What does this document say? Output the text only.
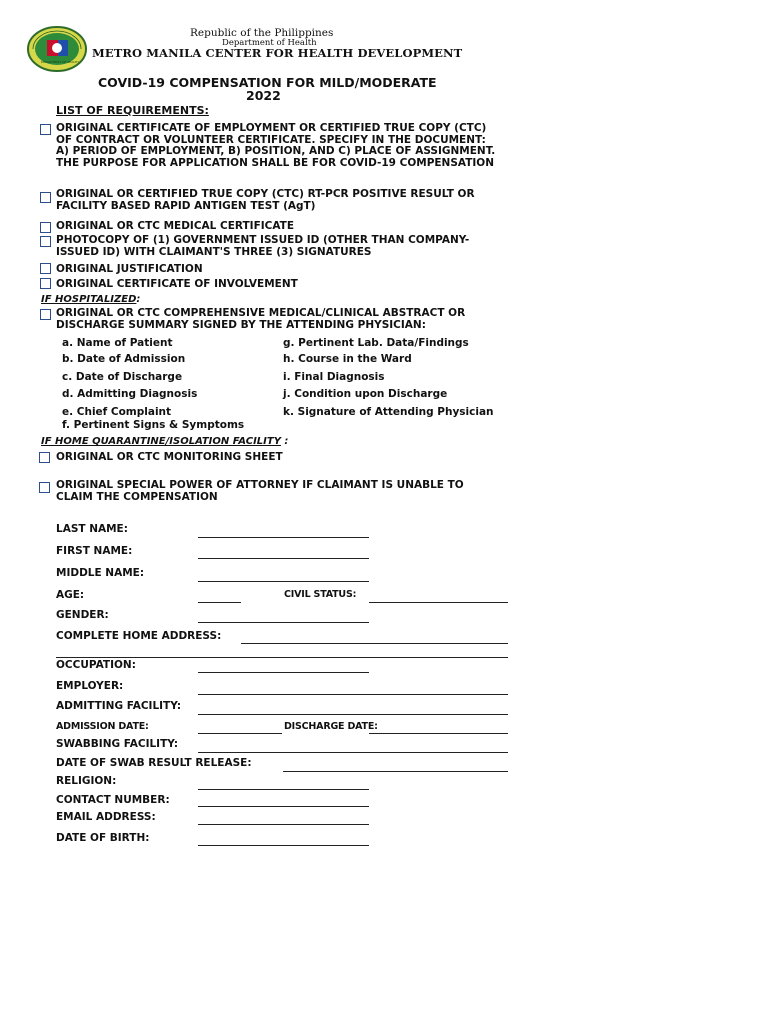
DEPARTMENT OF HEALTH
Republic of the Philippines
Department of Health
METRO MANILA CENTER FOR HEALTH DEVELOPMENT
COVID-19 COMPENSATION FOR MILD/MODERATE
2022
LIST OF REQUIREMENTS:
ORIGINAL CERTIFICATE OF EMPLOYMENT OR CERTIFIED TRUE COPY (CTC)
OF CONTRACT OR VOLUNTEER CERTIFICATE. SPECIFY IN THE DOCUMENT:
A) PERIOD OF EMPLOYMENT, B) POSITION, AND C) PLACE OF ASSIGNMENT.
THE PURPOSE FOR APPLICATION SHALL BE FOR COVID-19 COMPENSATION
ORIGINAL OR CERTIFIED TRUE COPY (CTC) RT-PCR POSITIVE RESULT OR
FACILITY BASED RAPID ANTIGEN TEST (AgT)
ORIGINAL OR CTC MEDICAL CERTIFICATE
PHOTOCOPY OF (1) GOVERNMENT ISSUED ID (OTHER THAN COMPANY-
ISSUED ID) WITH CLAIMANT'S THREE (3) SIGNATURES
ORIGINAL JUSTIFICATION
ORIGINAL CERTIFICATE OF INVOLVEMENT
IF HOSPITALIZED:
ORIGINAL OR CTC COMPREHENSIVE MEDICAL/CLINICAL ABSTRACT OR
DISCHARGE SUMMARY SIGNED BY THE ATTENDING PHYSICIAN:
a. Name of Patient
b. Date of Admission
c. Date of Discharge
d. Admitting Diagnosis
e. Chief Complaint
f. Pertinent Signs & Symptoms
g. Pertinent Lab. Data/Findings
h. Course in the Ward
i. Final Diagnosis
j. Condition upon Discharge
k. Signature of Attending Physician
IF HOME QUARANTINE/ISOLATION FACILITY :
ORIGINAL OR CTC MONITORING SHEET
ORIGINAL SPECIAL POWER OF ATTORNEY IF CLAIMANT IS UNABLE TO
CLAIM THE COMPENSATION
LAST NAME:
FIRST NAME:
MIDDLE NAME:
AGE:	CIVIL STATUS:
GENDER:
COMPLETE HOME ADDRESS:
OCCUPATION:
EMPLOYER:
ADMITTING FACILITY:
ADMISSION DATE:	DISCHARGE DATE:
SWABBING FACILITY:
DATE OF SWAB RESULT RELEASE:
RELIGION:
CONTACT NUMBER:
EMAIL ADDRESS:
DATE OF BIRTH:
